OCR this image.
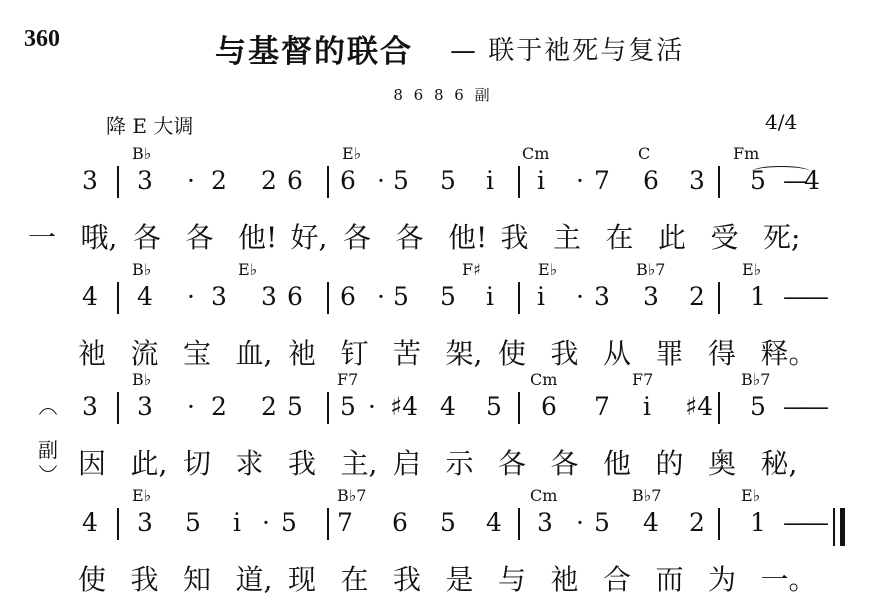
360	与基督的联合 — 联于祂死与复活
8 6 8 6 副
降 E 大调	4/4
副
B♭	E♭	Cm	C	Fm
3 3 · 2 2 6 6 · 5 5 i i · 7 6 3 5 —
4
一 哦, 各 各 他! 好, 各 各 他! 我 主 在 此 受 死;
B♭	E♭	F♯	E♭	B♭7	E♭
4 4 · 3 3 6 6 · 5 5 i i · 3 3 2 1 —
—
祂 流 宝 血, 祂 钉 苦 架, 使 我 从 罪 得 释。
B♭	F7	Cm	F7	B♭7
3 3 · 2 2 5 5 · ♯4 4 5 6 7 i ♯4 5 —
—
因 此, 切 求 我 主, 启 示 各 各 他 的 奥 秘,
E♭	B♭7	Cm	B♭7	E♭
4 3 5 i · 5 7 6 5 4 3 · 5 4 2 1 —
—
使 我 知 道, 现 在 我 是 与 祂 合 而 为 一。
